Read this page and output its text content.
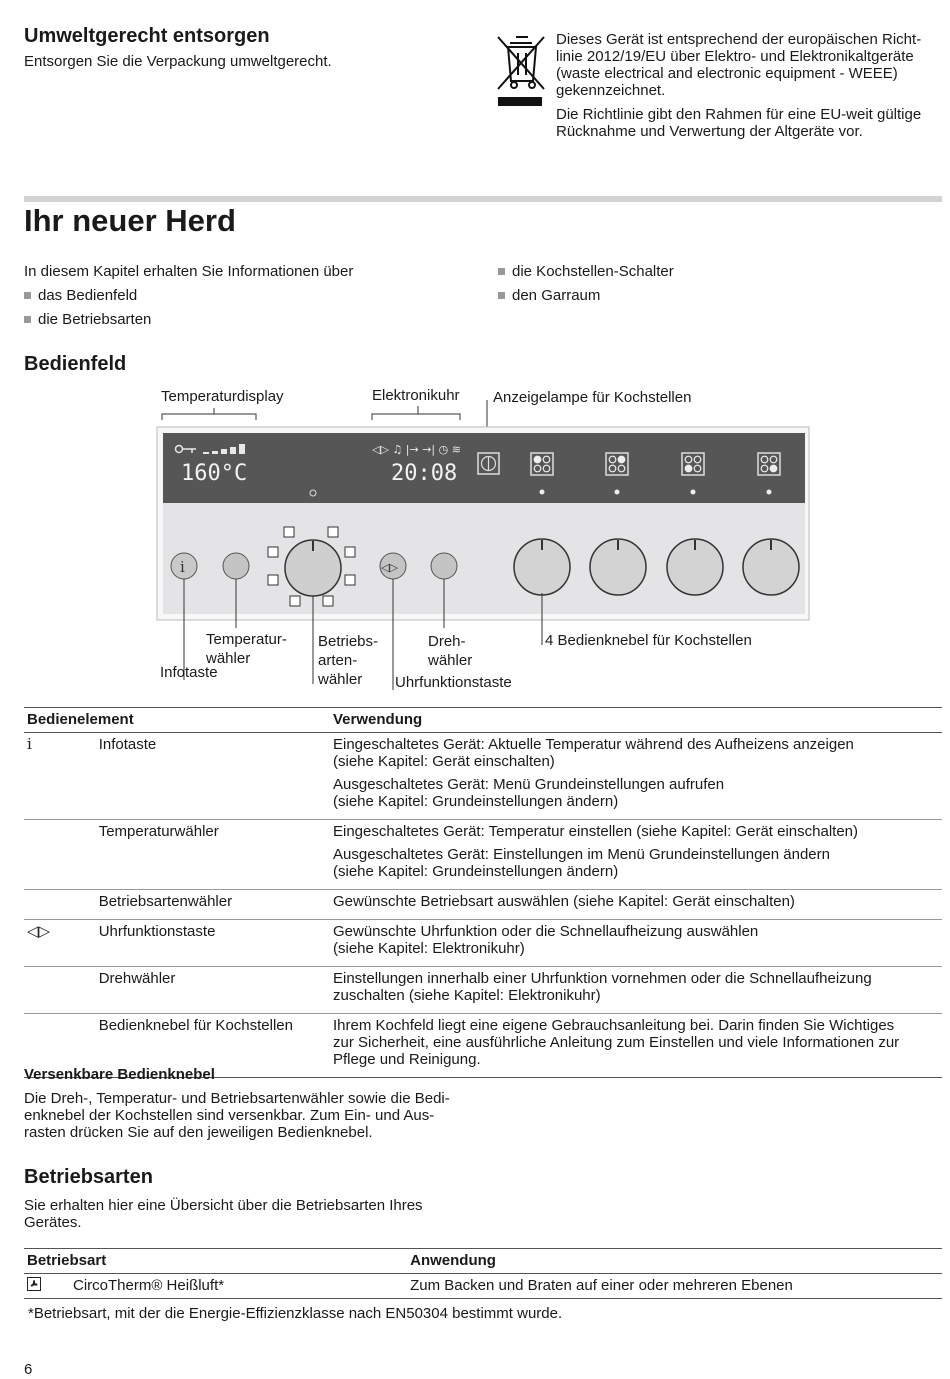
Umweltgerecht entsorgen
Entsorgen Sie die Verpackung umweltgerecht.
Dieses Gerät ist entsprechend der europäischen Richt-
linie 2012/19/EU über Elektro- und Elektronikaltgeräte
(waste electrical and electronic equipment - WEEE)
gekennzeichnet.
Die Richtlinie gibt den Rahmen für eine EU-weit gültige
Rücknahme und Verwertung der Altgeräte vor.
Ihr neuer Herd
In diesem Kapitel erhalten Sie Informationen über
das Bedienfeld
die Betriebsarten
die Kochstellen-Schalter
den Garraum
Bedienfeld
Temperaturdisplay	Elektronikuhr Anzeigelampe für Kochstellen
160°C
◁▷ ♫ |→ →| ◷ ≋
20:08
i	◁▷
Temperatur-
wähler
Infotaste
Betriebs-
arten-
wähler
Dreh-
wähler
Uhrfunktionstaste
4 Bedienknebel für Kochstellen
Bedienelement		Verwendung
i	Infotaste	Eingeschaltetes Gerät: Aktuelle Temperatur während des Aufheizens anzeigen
(siehe Kapitel: Gerät einschalten)
Ausgeschaltetes Gerät: Menü Grundeinstellungen aufrufen
(siehe Kapitel: Grundeinstellungen ändern)

	Temperaturwähler	Eingeschaltetes Gerät: Temperatur einstellen (siehe Kapitel: Gerät einschalten)
Ausgeschaltetes Gerät: Einstellungen im Menü Grundeinstellungen ändern
(siehe Kapitel: Grundeinstellungen ändern)

	Betriebsartenwähler	Gewünschte Betriebsart auswählen (siehe Kapitel: Gerät einschalten)

◁▷	Uhrfunktionstaste	Gewünschte Uhrfunktion oder die Schnellaufheizung auswählen
(siehe Kapitel: Elektronikuhr)

	Drehwähler	Einstellungen innerhalb einer Uhrfunktion vornehmen oder die Schnellaufheizung
zuschalten (siehe Kapitel: Elektronikuhr)

	Bedienknebel für Kochstellen	Ihrem Kochfeld liegt eine eigene Gebrauchsanleitung bei. Darin finden Sie Wichtiges
zur Sicherheit, eine ausführliche Anleitung zum Einstellen und viele Informationen zur
Pflege und Reinigung.
Versenkbare Bedienknebel
Die Dreh-, Temperatur- und Betriebsartenwähler sowie die Bedi-
enknebel der Kochstellen sind versenkbar. Zum Ein- und Aus-
rasten drücken Sie auf den jeweiligen Bedienknebel.
Betriebsarten
Sie erhalten hier eine Übersicht über die Betriebsarten Ihres
Gerätes.
Betriebsart		Anwendung
	CircoTherm® Heißluft*	Zum Backen und Braten auf einer oder mehreren Ebenen
*Betriebsart, mit der die Energie-Effizienzklasse nach EN50304 bestimmt wurde.
6
